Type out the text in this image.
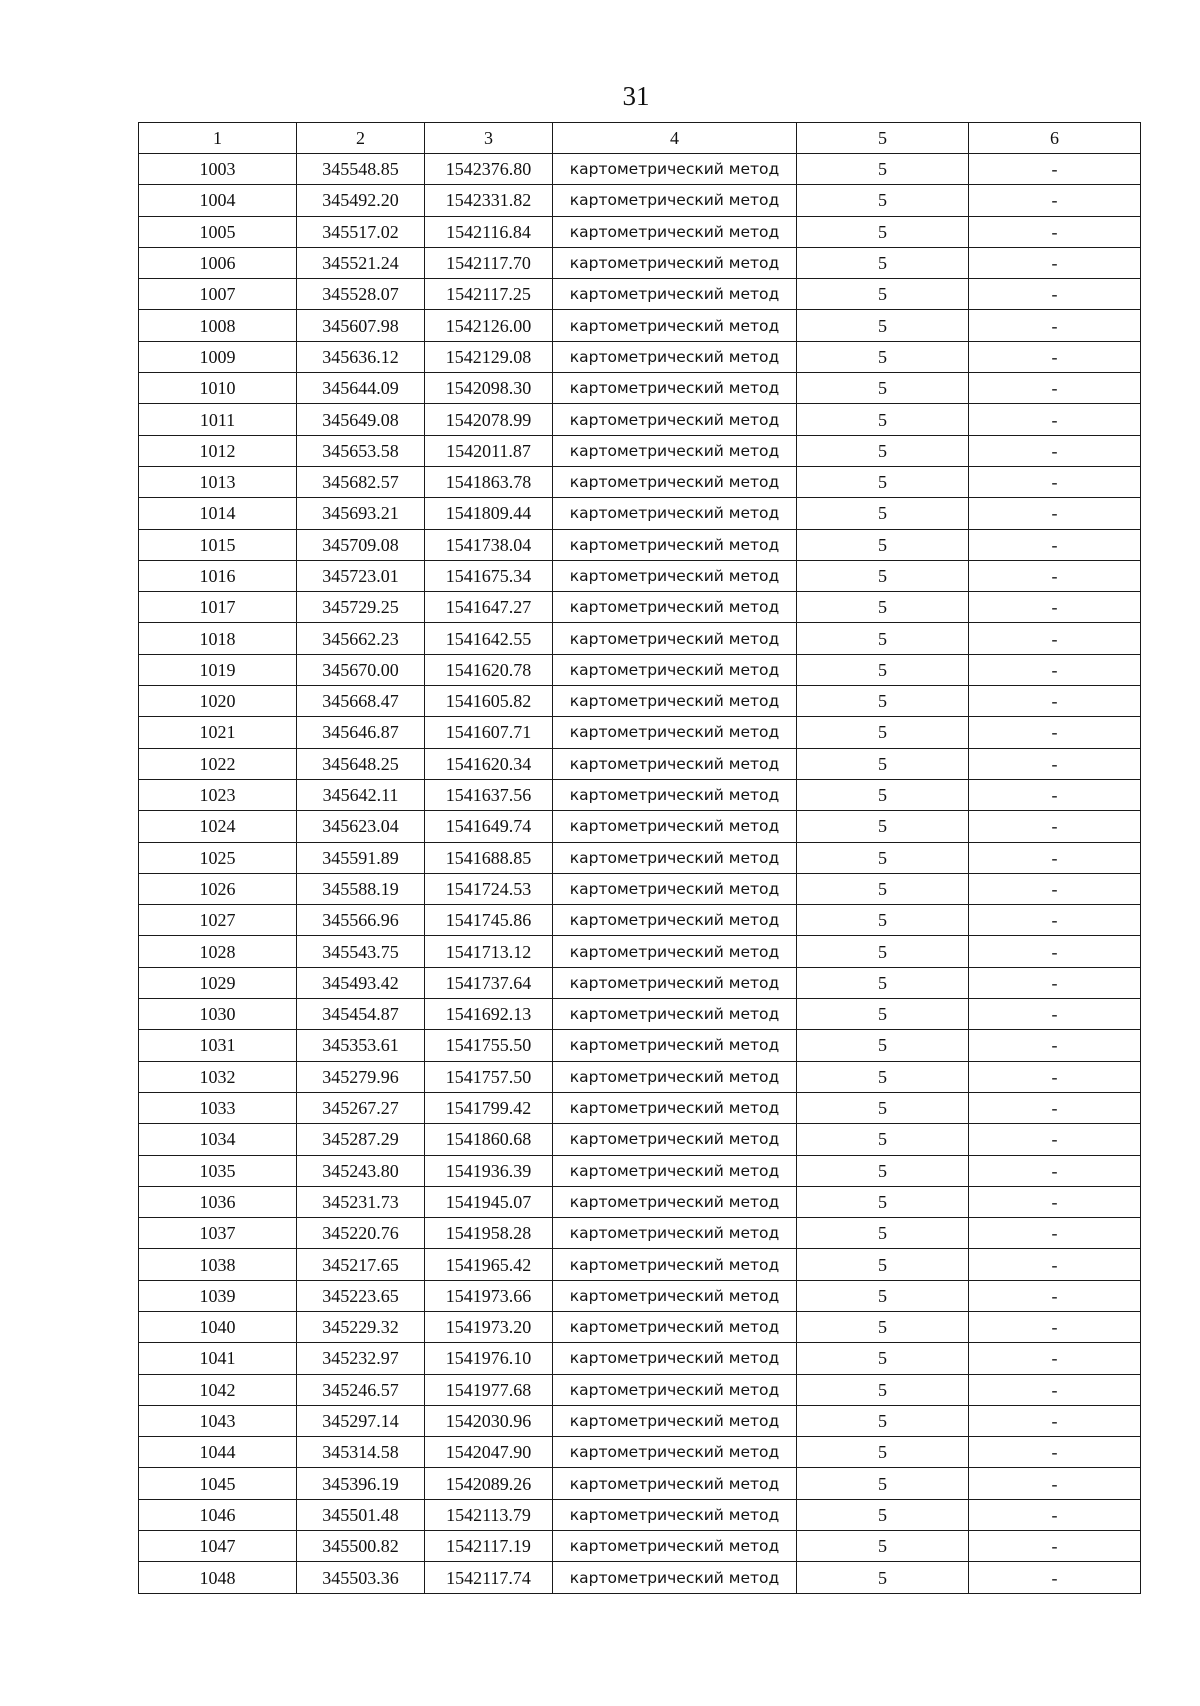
31
1	2	3	4	5	6
1003	345548.85	1542376.80	картометрический метод	5	-
1004	345492.20	1542331.82	картометрический метод	5	-
1005	345517.02	1542116.84	картометрический метод	5	-
1006	345521.24	1542117.70	картометрический метод	5	-
1007	345528.07	1542117.25	картометрический метод	5	-
1008	345607.98	1542126.00	картометрический метод	5	-
1009	345636.12	1542129.08	картометрический метод	5	-
1010	345644.09	1542098.30	картометрический метод	5	-
1011	345649.08	1542078.99	картометрический метод	5	-
1012	345653.58	1542011.87	картометрический метод	5	-
1013	345682.57	1541863.78	картометрический метод	5	-
1014	345693.21	1541809.44	картометрический метод	5	-
1015	345709.08	1541738.04	картометрический метод	5	-
1016	345723.01	1541675.34	картометрический метод	5	-
1017	345729.25	1541647.27	картометрический метод	5	-
1018	345662.23	1541642.55	картометрический метод	5	-
1019	345670.00	1541620.78	картометрический метод	5	-
1020	345668.47	1541605.82	картометрический метод	5	-
1021	345646.87	1541607.71	картометрический метод	5	-
1022	345648.25	1541620.34	картометрический метод	5	-
1023	345642.11	1541637.56	картометрический метод	5	-
1024	345623.04	1541649.74	картометрический метод	5	-
1025	345591.89	1541688.85	картометрический метод	5	-
1026	345588.19	1541724.53	картометрический метод	5	-
1027	345566.96	1541745.86	картометрический метод	5	-
1028	345543.75	1541713.12	картометрический метод	5	-
1029	345493.42	1541737.64	картометрический метод	5	-
1030	345454.87	1541692.13	картометрический метод	5	-
1031	345353.61	1541755.50	картометрический метод	5	-
1032	345279.96	1541757.50	картометрический метод	5	-
1033	345267.27	1541799.42	картометрический метод	5	-
1034	345287.29	1541860.68	картометрический метод	5	-
1035	345243.80	1541936.39	картометрический метод	5	-
1036	345231.73	1541945.07	картометрический метод	5	-
1037	345220.76	1541958.28	картометрический метод	5	-
1038	345217.65	1541965.42	картометрический метод	5	-
1039	345223.65	1541973.66	картометрический метод	5	-
1040	345229.32	1541973.20	картометрический метод	5	-
1041	345232.97	1541976.10	картометрический метод	5	-
1042	345246.57	1541977.68	картометрический метод	5	-
1043	345297.14	1542030.96	картометрический метод	5	-
1044	345314.58	1542047.90	картометрический метод	5	-
1045	345396.19	1542089.26	картометрический метод	5	-
1046	345501.48	1542113.79	картометрический метод	5	-
1047	345500.82	1542117.19	картометрический метод	5	-
1048	345503.36	1542117.74	картометрический метод	5	-
